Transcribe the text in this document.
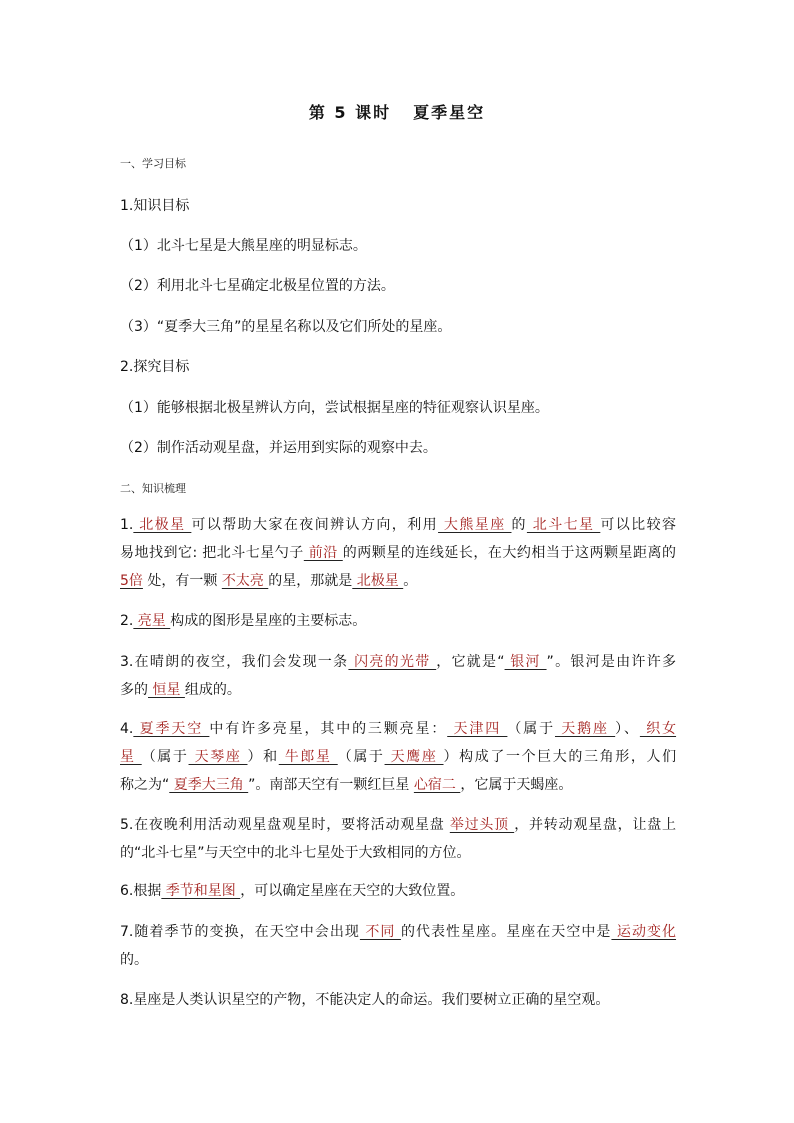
第 5 课时 夏季星空
一、学习目标
1.知识目标
（1）北斗七星是大熊星座的明显标志。
（2）利用北斗七星确定北极星位置的方法。
（3）“夏季大三角”的星星名称以及它们所处的星座。
2.探究目标
（1）能够根据北极星辨认方向，尝试根据星座的特征观察认识星座。
（2）制作活动观星盘，并运用到实际的观察中去。
二、知识梳理
1. 北极星 可以帮助大家在夜间辨认方向，利用 大熊星座 的 北斗七星 可以比较容
易地找到它: 把北斗七星勺子 前沿 的两颗星的连线延长，在大约相当于这两颗星距离的
5倍 处，有一颗 不太亮 的星，那就是 北极星 。
2. 亮星 构成的图形是星座的主要标志。
3.在晴朗的夜空，我们会发现一条 闪亮的光带 ，它就是“ 银河 ”。银河是由许许多
多的 恒星 组成的。
4. 夏季天空 中有许多亮星，其中的三颗亮星： 天津四 （属于 天鹅座 ）、 织女
星 （属于 天琴座 ）和 牛郎星 （属于 天鹰座 ）构成了一个巨大的三角形，人们
称之为“ 夏季大三角 ”。南部天空有一颗红巨星 心宿二 ，它属于天蝎座。
5.在夜晚利用活动观星盘观星时，要将活动观星盘 举过头顶 ，并转动观星盘，让盘上
的“北斗七星”与天空中的北斗七星处于大致相同的方位。
6.根据 季节和星图 ，可以确定星座在天空的大致位置。
7.随着季节的变换，在天空中会出现 不同 的代表性星座。星座在天空中是 运动变化
的。
8.星座是人类认识星空的产物，不能决定人的命运。我们要树立正确的星空观。
